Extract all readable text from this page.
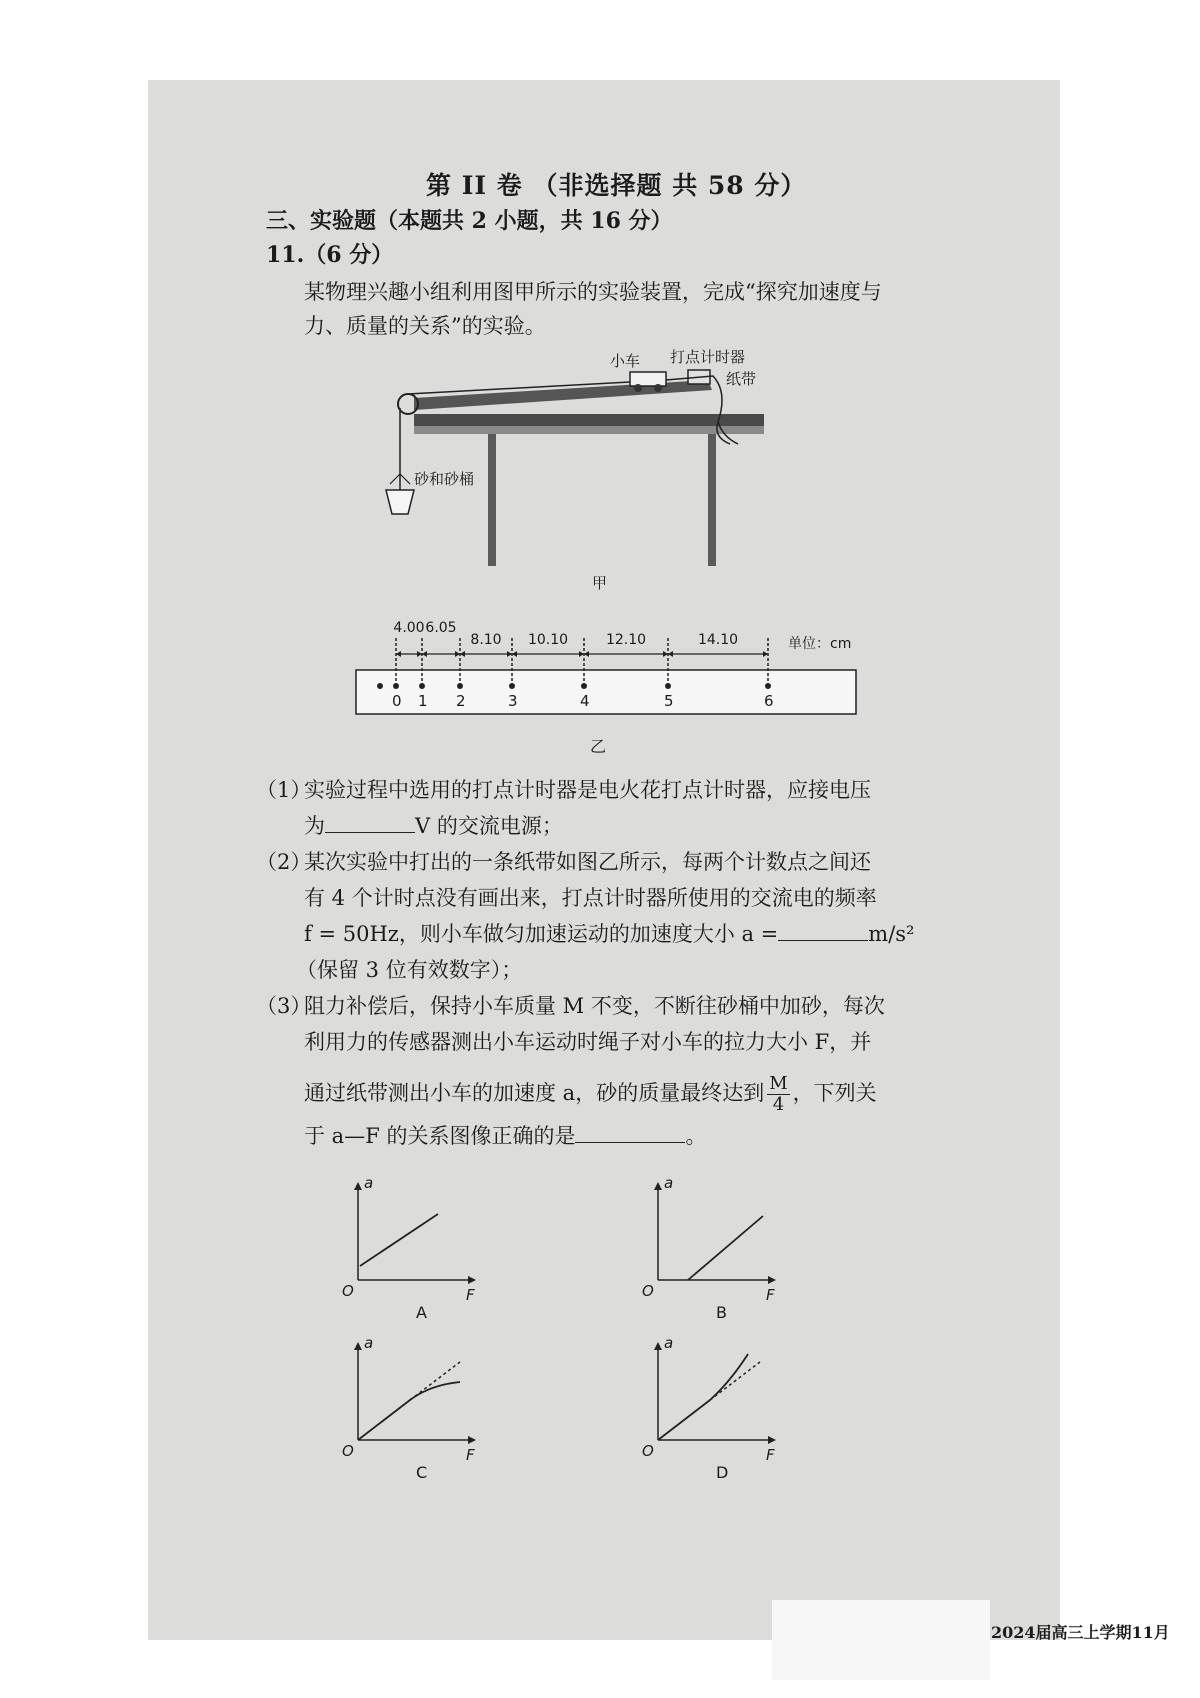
第 II 卷 （非选择题 共 58 分）
三、实验题（本题共 2 小题，共 16 分）
11.（6 分）
某物理兴趣小组利用图甲所示的实验装置，完成“探究加速度与
力、质量的关系”的实验。
小车 打点计时器
纸带
砂和砂桶
甲
单位：cm
乙
0 1 2	3	4	5	6
4.00 6.05
8.10 10.10	12.10	14.10
（1）
实验过程中选用的打点计时器是电火花打点计时器，应接电压
为	V 的交流电源；
（2）
某次实验中打出的一条纸带如图乙所示，每两个计数点之间还
有 4 个计时点没有画出来，打点计时器所使用的交流电的频率
f = 50Hz，则小车做匀加速运动的加速度大小 a =	m/s²
（保留 3 位有效数字）；
（3）
阻力补偿后，保持小车质量 M 不变，不断往砂桶中加砂，每次
利用力的传感器测出小车运动时绳子对小车的拉力大小 F，并
通过纸带测出小车的加速度 a，砂的质量最终达到 $\frac{M}{4}$ ，下列关
于 a—F 的关系图像正确的是	。
a
F
O
A
a
F
O
B
a
F
O
C
a
F
O
D
2024届高三上学期11月
